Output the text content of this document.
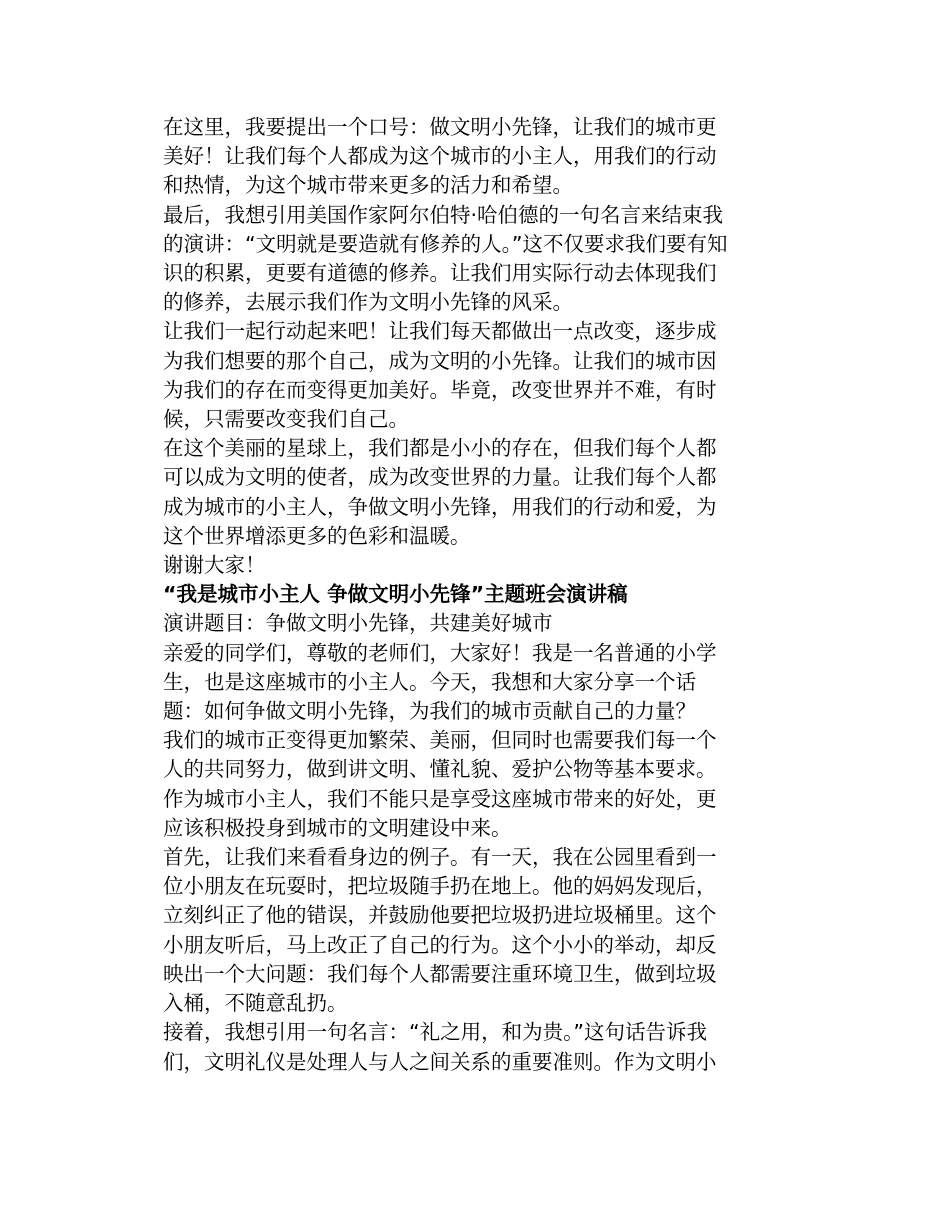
在这里，我要提出一个口号：做文明小先锋，让我们的城市更
美好！让我们每个人都成为这个城市的小主人，用我们的行动
和热情，为这个城市带来更多的活力和希望。

最后，我想引用美国作家阿尔伯特·哈伯德的一句名言来结束我
的演讲：“文明就是要造就有修养的人。”这不仅要求我们要有知
识的积累，更要有道德的修养。让我们用实际行动去体现我们
的修养，去展示我们作为文明小先锋的风采。

让我们一起行动起来吧！让我们每天都做出一点改变，逐步成
为我们想要的那个自己，成为文明的小先锋。让我们的城市因
为我们的存在而变得更加美好。毕竟，改变世界并不难，有时
候，只需要改变我们自己。

在这个美丽的星球上，我们都是小小的存在，但我们每个人都
可以成为文明的使者，成为改变世界的力量。让我们每个人都
成为城市的小主人，争做文明小先锋，用我们的行动和爱，为
这个世界增添更多的色彩和温暖。

谢谢大家！

“我是城市小主人 争做文明小先锋”主题班会演讲稿

演讲题目：争做文明小先锋，共建美好城市

亲爱的同学们，尊敬的老师们，大家好！我是一名普通的小学
生，也是这座城市的小主人。今天，我想和大家分享一个话
题：如何争做文明小先锋，为我们的城市贡献自己的力量？

我们的城市正变得更加繁荣、美丽，但同时也需要我们每一个
人的共同努力，做到讲文明、懂礼貌、爱护公物等基本要求。
作为城市小主人，我们不能只是享受这座城市带来的好处，更
应该积极投身到城市的文明建设中来。

首先，让我们来看看身边的例子。有一天，我在公园里看到一
位小朋友在玩耍时，把垃圾随手扔在地上。他的妈妈发现后，
立刻纠正了他的错误，并鼓励他要把垃圾扔进垃圾桶里。这个
小朋友听后，马上改正了自己的行为。这个小小的举动，却反
映出一个大问题：我们每个人都需要注重环境卫生，做到垃圾
入桶，不随意乱扔。

接着，我想引用一句名言：“礼之用，和为贵。”这句话告诉我
们，文明礼仪是处理人与人之间关系的重要准则。作为文明小
